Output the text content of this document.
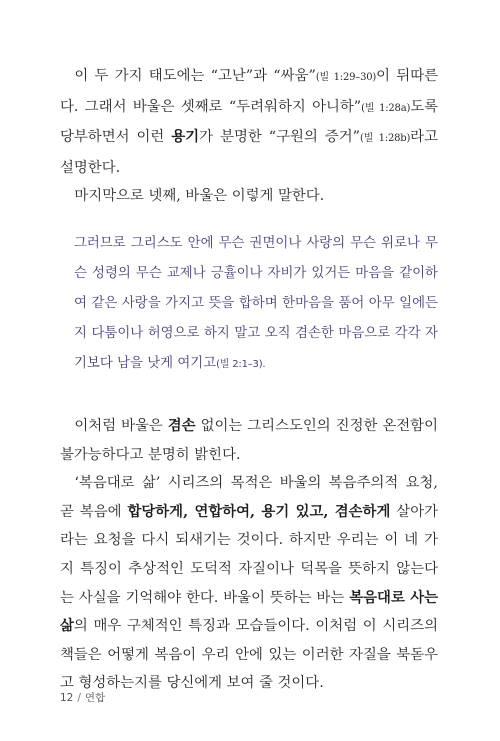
이 두 가지 태도에는 “고난”과 “싸움”(빌 1:29–30)이 뒤따른다. 그래서 바울은 셋째로 “두려워하지 아니하”(빌 1:28a)도록 당부하면서 이런 용기가 분명한 “구원의 증거”(빌 1:28b)라고 설명한다.

마지막으로 넷째, 바울은 이렇게 말한다.

그러므로 그리스도 안에 무슨 권면이나 사랑의 무슨 위로나 무슨 성령의 무슨 교제나 긍휼이나 자비가 있거든 마음을 같이하여 같은 사랑을 가지고 뜻을 합하며 한마음을 품어 아무 일에든지 다툼이나 허영으로 하지 말고 오직 겸손한 마음으로 각각 자기보다 남을 낫게 여기고(빌 2:1–3).

이처럼 바울은 겸손 없이는 그리스도인의 진정한 온전함이 불가능하다고 분명히 밝힌다.

‘복음대로 삶’ 시리즈의 목적은 바울의 복음주의적 요청, 곧 복음에 합당하게, 연합하여, 용기 있고, 겸손하게 살아가라는 요청을 다시 되새기는 것이다. 하지만 우리는 이 네 가지 특징이 추상적인 도덕적 자질이나 덕목을 뜻하지 않는다는 사실을 기억해야 한다. 바울이 뜻하는 바는 복음대로 사는 삶의 매우 구체적인 특징과 모습들이다. 이처럼 이 시리즈의 책들은 어떻게 복음이 우리 안에 있는 이러한 자질을 북돋우고 형성하는지를 당신에게 보여 줄 것이다.

12 / 연합
